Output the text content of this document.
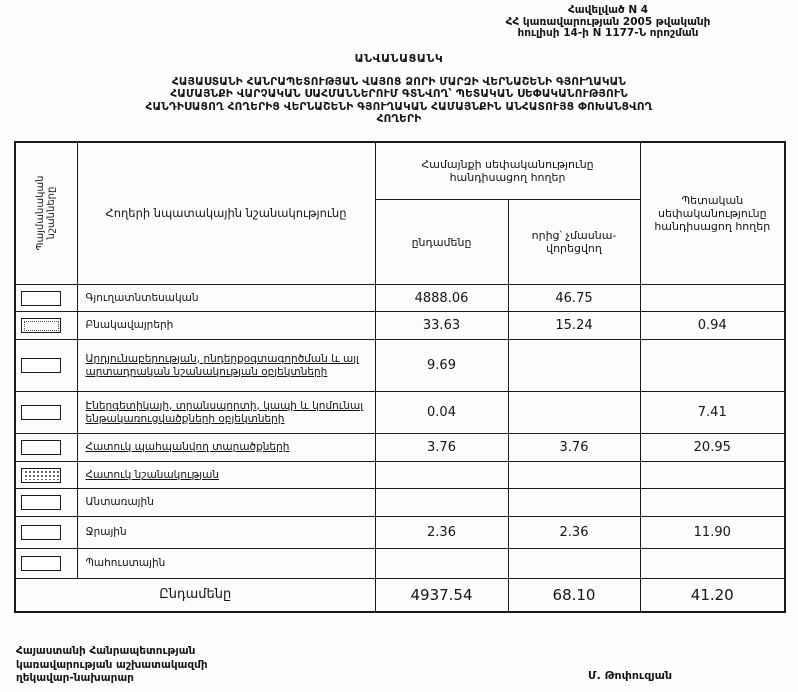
Հավելված N 4
ՀՀ կառավարության 2005 թվականի
հուլիսի 14-ի N 1177-Ն որոշման
ԱՆՎԱՆԱՑԱՆԿ
ՀԱՅԱՍՏԱՆԻ ՀԱՆՐԱՊԵՏՈՒԹՅԱՆ ՎԱՅՈՑ ՁՈՐԻ ՄԱՐԶԻ ՎԵՐՆԱՇԵՆԻ ԳՅՈՒՂԱԿԱՆ
ՀԱՄԱՅՆՔԻ ՎԱՐՉԱԿԱՆ ՍԱՀՄԱՆՆԵՐՈՒՄ ԳՏՆՎՈՂ՝ ՊԵՏԱԿԱՆ ՍԵՓԱԿԱՆՈՒԹՅՈՒՆ
ՀԱՆԴԻՍԱՑՈՂ ՀՈՂԵՐԻՑ ՎԵՐՆԱՇԵՆԻ ԳՅՈՒՂԱԿԱՆ ՀԱՄԱՅՆՔԻՆ ԱՆՀԱՏՈՒՅՑ ՓՈԽԱՆՑՎՈՂ
ՀՈՂԵՐԻ
Պայմանական նշանները	Հողերի նպատակային նշանակությունը	Համայնքի սեփականությունը հանդիսացող հողեր		Պետական սեփականությունը հանդիսացող հողեր
		ընդամենը	որից՝ չմասնա-վորեցվող	

	Գյուղատնտեսական	4888.06	46.75	

	Բնակավայրերի	33.63	15.24	0.94

	Արդյունաբերության, ընդերքօգտագործման և այլ արտադրական նշանակության օբյեկտների	9.69		

	Էներգետիկայի, տրանսպորտի, կապի և կոմունալ ենթակառուցվածքների օբյեկտների	0.04		7.41

	Հատուկ պահպանվող տարածքների	3.76	3.76	20.95

	Հատուկ նշանակության			

	Անտառային			

	Ջրային	2.36	2.36	11.90

	Պահուստային			
Ընդամենը		4937.54	68.10	41.20
Հայաստանի Հանրապետության
կառավարության աշխատակազմի
ղեկավար-նախարար	Մ. Թոփուզյան
